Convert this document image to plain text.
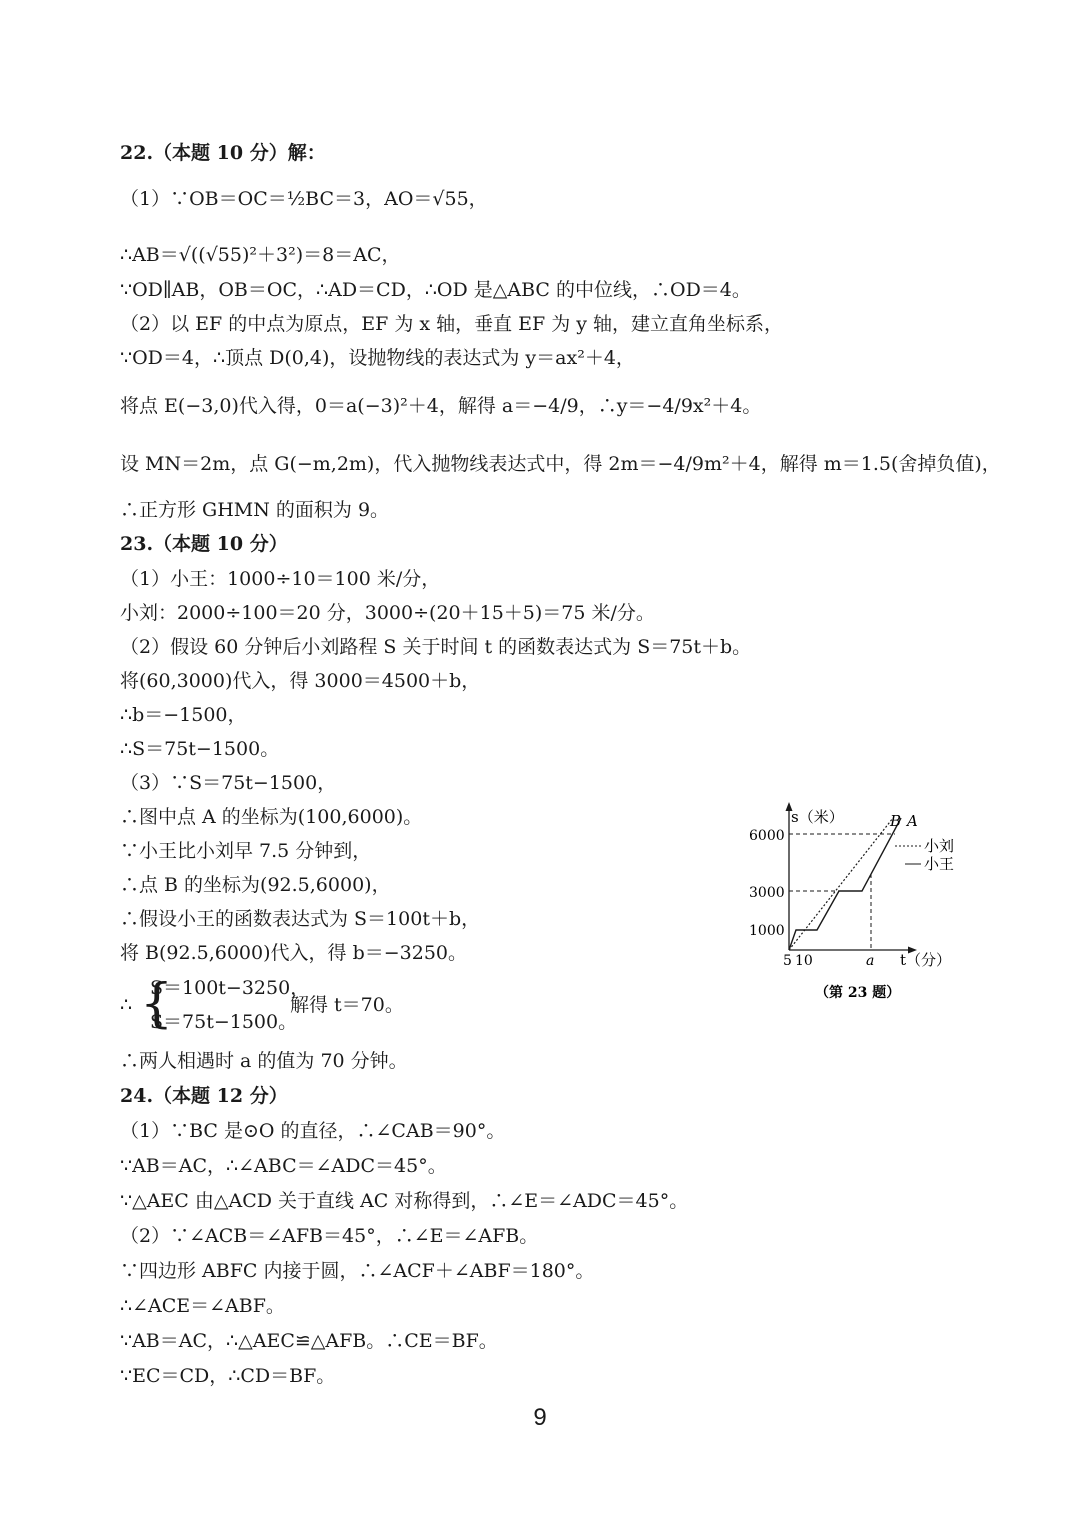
22.（本题 10 分）解：
（1）∵OB＝OC＝½BC＝3，AO＝√55，
∴AB＝√((√55)²＋3²)＝8＝AC，
∵OD∥AB，OB＝OC，∴AD＝CD，∴OD 是△ABC 的中位线，∴OD＝4。
（2）以 EF 的中点为原点，EF 为 x 轴，垂直 EF 为 y 轴，建立直角坐标系，
∵OD＝4，∴顶点 D(0,4)，设抛物线的表达式为 y＝ax²＋4，
将点 E(−3,0)代入得，0＝a(−3)²＋4，解得 a＝−4/9，∴y＝−4/9x²＋4。
设 MN＝2m，点 G(−m,2m)，代入抛物线表达式中，得 2m＝−4/9m²＋4，解得 m＝1.5(舍掉负值)，
∴正方形 GHMN 的面积为 9。
23.（本题 10 分）
（1）小王：1000÷10＝100 米/分，
小刘：2000÷100＝20 分，3000÷(20＋15＋5)＝75 米/分。
（2）假设 60 分钟后小刘路程 S 关于时间 t 的函数表达式为 S＝75t＋b。
将(60,3000)代入，得 3000＝4500＋b，
∴b＝−1500，
∴S＝75t−1500。
（3）∵S＝75t−1500，
∴图中点 A 的坐标为(100,6000)。
∵小王比小刘早 7.5 分钟到，
∴点 B 的坐标为(92.5,6000)，
∴假设小王的函数表达式为 S＝100t＋b，
将 B(92.5,6000)代入，得 b＝−3250。
∴ {
S＝100t−3250，
S＝75t−1500。
解得 t＝70。
∴两人相遇时 a 的值为 70 分钟。
24.（本题 12 分）
（1）∵BC 是⊙O 的直径，∴∠CAB＝90°。
∵AB＝AC，∴∠ABC＝∠ADC＝45°。
∵△AEC 由△ACD 关于直线 AC 对称得到，∴∠E＝∠ADC＝45°。
（2）∵∠ACB＝∠AFB＝45°，∴∠E＝∠AFB。
∵四边形 ABFC 内接于圆，∴∠ACF＋∠ABF＝180°。
∴∠ACE＝∠ABF。
∵AB＝AC，∴△AEC≌△AFB。∴CE＝BF。
∵EC＝CD，∴CD＝BF。
s（米）
6000
3000
1000
5 10	a t（分）
B A
小刘
小王
（第 23 题）
9
